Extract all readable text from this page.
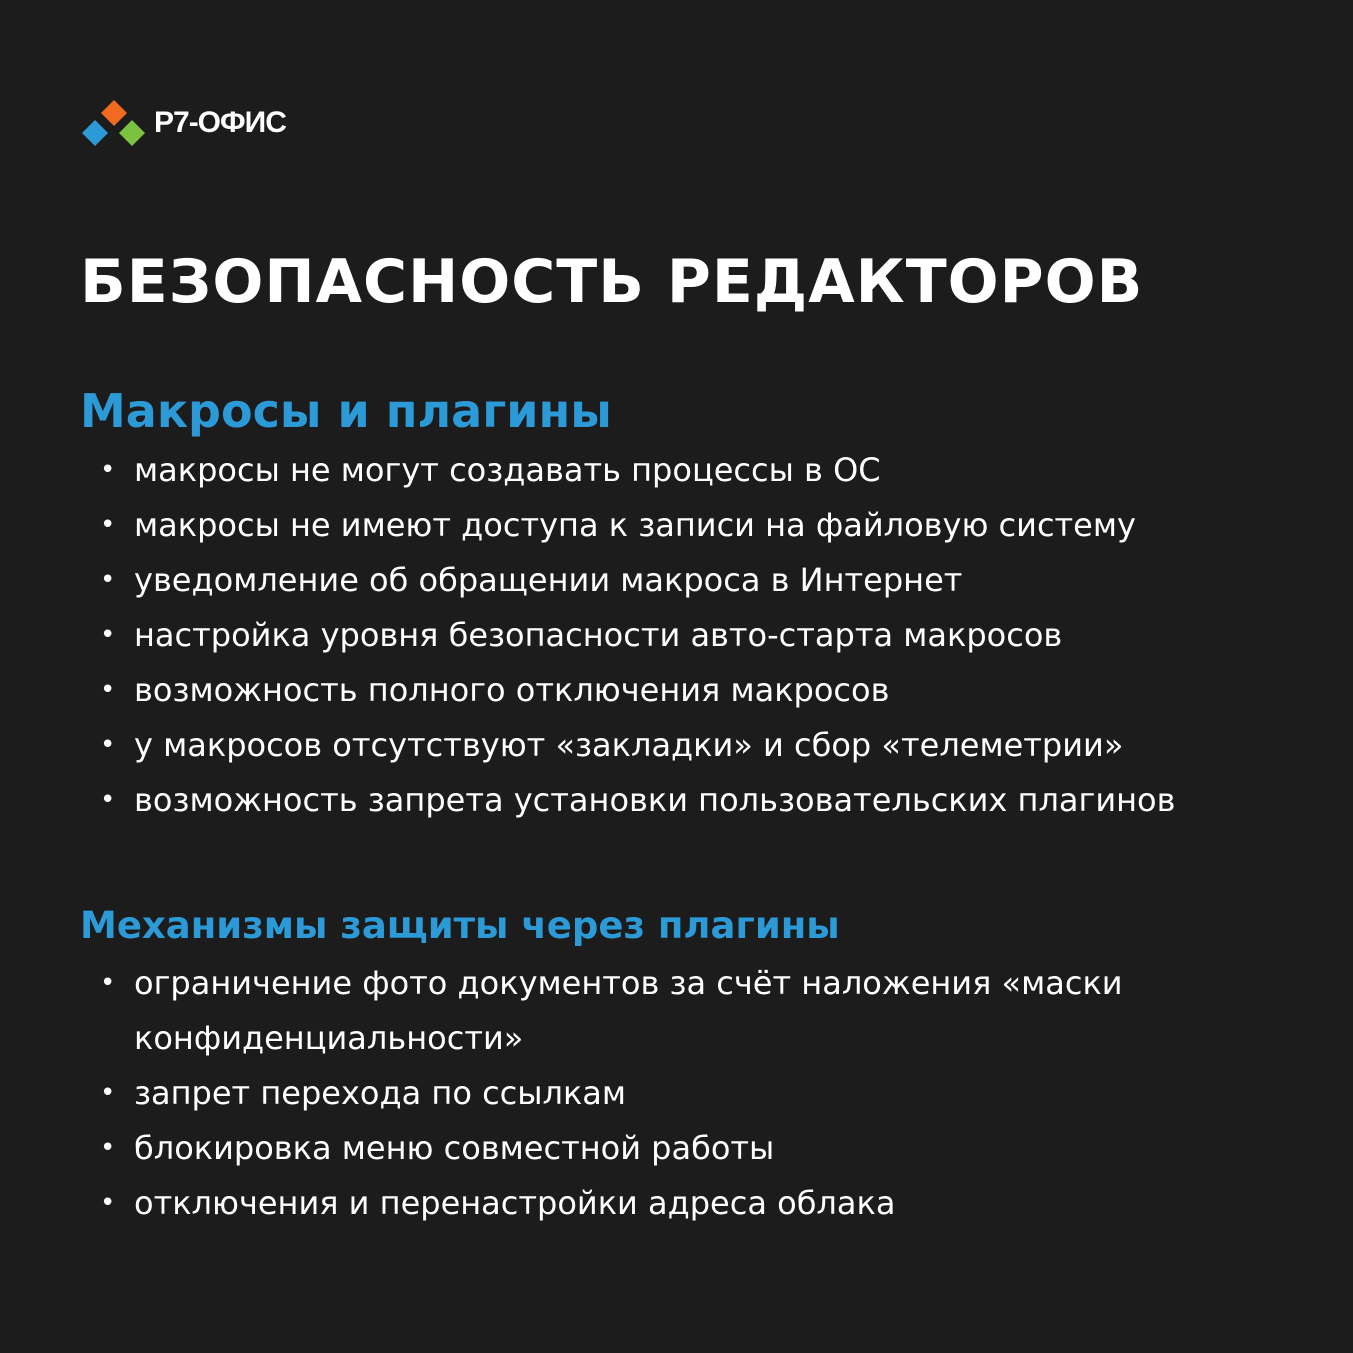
Р7-ОФИС
БЕЗОПАСНОСТЬ РЕДАКТОРОВ
Макросы и плагины
• макросы не могут создавать процессы в ОС
• макросы не имеют доступа к записи на файловую систему
• уведомление об обращении макроса в Интернет
• настройка уровня безопасности авто-старта макросов
• возможность полного отключения макросов
• у макросов отсутствуют «закладки» и сбор «телеметрии»
• возможность запрета установки пользовательских плагинов
Механизмы защиты через плагины
• ограничение фото документов за счёт наложения «маски конфиденциальности»
• запрет перехода по ссылкам
• блокировка меню совместной работы
• отключения и перенастройки адреса облака
